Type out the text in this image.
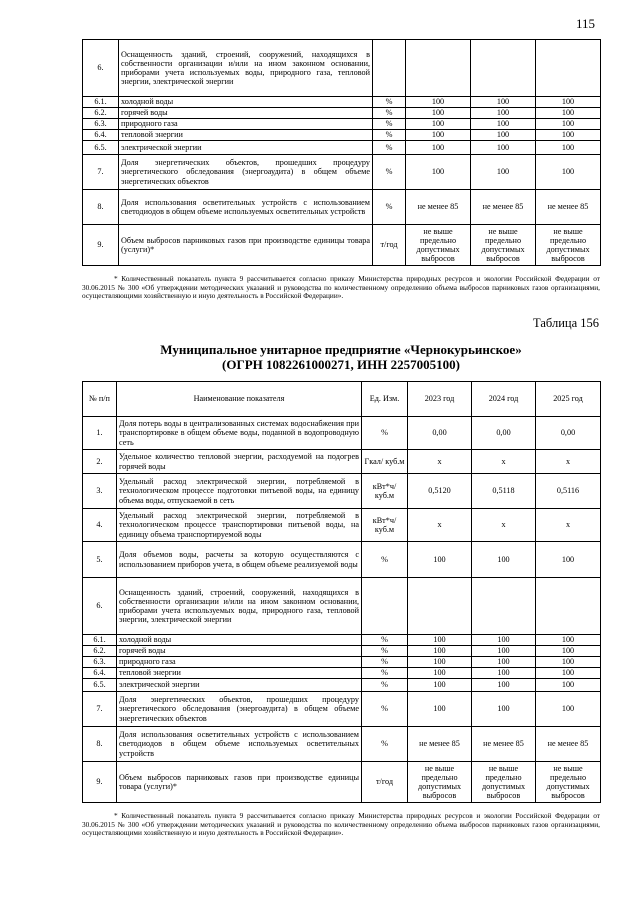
115
6.	Оснащенность зданий, строений, сооружений, находящихся в собственности организации и/или на ином законном основании, приборами учета используемых воды, природного газа, тепловой энергии, электрической энергии				
6.1.	холодной воды	%	100	100	100
6.2.	горячей воды	%	100	100	100
6.3.	природного газа	%	100	100	100
6.4.	тепловой энергии	%	100	100	100
6.5.	электрической энергии	%	100	100	100
7.	Доля энергетических объектов, прошедших процедуру энергетического обследования (энергоаудита) в общем объеме энергетических объектов	%	100	100	100
8.	Доля использования осветительных устройств с использованием светодиодов в общем объеме используемых осветительных устройств	%	не менее 85	не менее 85	не менее 85
9.	Объем выбросов парниковых газов при производстве единицы товара (услуги)*	т/год	не выше предельно допустимых выбросов	не выше предельно допустимых выбросов	не выше предельно допустимых выбросов
* Количественный показатель пункта 9 рассчитывается согласно приказу Министерства природных ресурсов и экологии Российской Федерации от 30.06.2015 № 300 «Об утверждении методических указаний и руководства по количественному определению объема выбросов парниковых газов организациями, осуществляющими хозяйственную и иную деятельность в Российской Федерации».
Таблица 156
Муниципальное унитарное предприятие «Чернокурьинское»
(ОГРН 1082261000271, ИНН 2257005100)
№ п/п	Наименование показателя	Ед. Изм.	2023 год	2024 год	2025 год
1.	Доля потерь воды в централизованных системах водоснабжения при транспортировке в общем объеме воды, поданной в водопроводную сеть	%	0,00	0,00	0,00
2.	Удельное количество тепловой энергии, расходуемой на подогрев горячей воды	Гкал/ куб.м	x	x	x
3.	Удельный расход электрической энергии, потребляемой в технологическом процессе подготовки питьевой воды, на единицу объема воды, отпускаемой в сеть	кВт*ч/ куб.м	0,5120	0,5118	0,5116
4.	Удельный расход электрической энергии, потребляемой в технологическом процессе транспортировки питьевой воды, на единицу объема транспортируемой воды	кВт*ч/ куб.м	x	x	x
5.	Доля объемов воды, расчеты за которую осуществляются с использованием приборов учета, в общем объеме реализуемой воды	%	100	100	100
6.	Оснащенность зданий, строений, сооружений, находящихся в собственности организации и/или на ином законном основании, приборами учета используемых воды, природного газа, тепловой энергии, электрической энергии				
6.1.	холодной воды	%	100	100	100
6.2.	горячей воды	%	100	100	100
6.3.	природного газа	%	100	100	100
6.4.	тепловой энергии	%	100	100	100
6.5.	электрической энергии	%	100	100	100
7.	Доля энергетических объектов, прошедших процедуру энергетического обследования (энергоаудита) в общем объеме энергетических объектов	%	100	100	100
8.	Доля использования осветительных устройств с использованием светодиодов в общем объеме используемых осветительных устройств	%	не менее 85	не менее 85	не менее 85
9.	Объем выбросов парниковых газов при производстве единицы товара (услуги)*	т/год	не выше предельно допустимых выбросов	не выше предельно допустимых выбросов	не выше предельно допустимых выбросов
* Количественный показатель пункта 9 рассчитывается согласно приказу Министерства природных ресурсов и экологии Российской Федерации от 30.06.2015 № 300 «Об утверждении методических указаний и руководства по количественному определению объема выбросов парниковых газов организациями, осуществляющими хозяйственную и иную деятельность в Российской Федерации».
